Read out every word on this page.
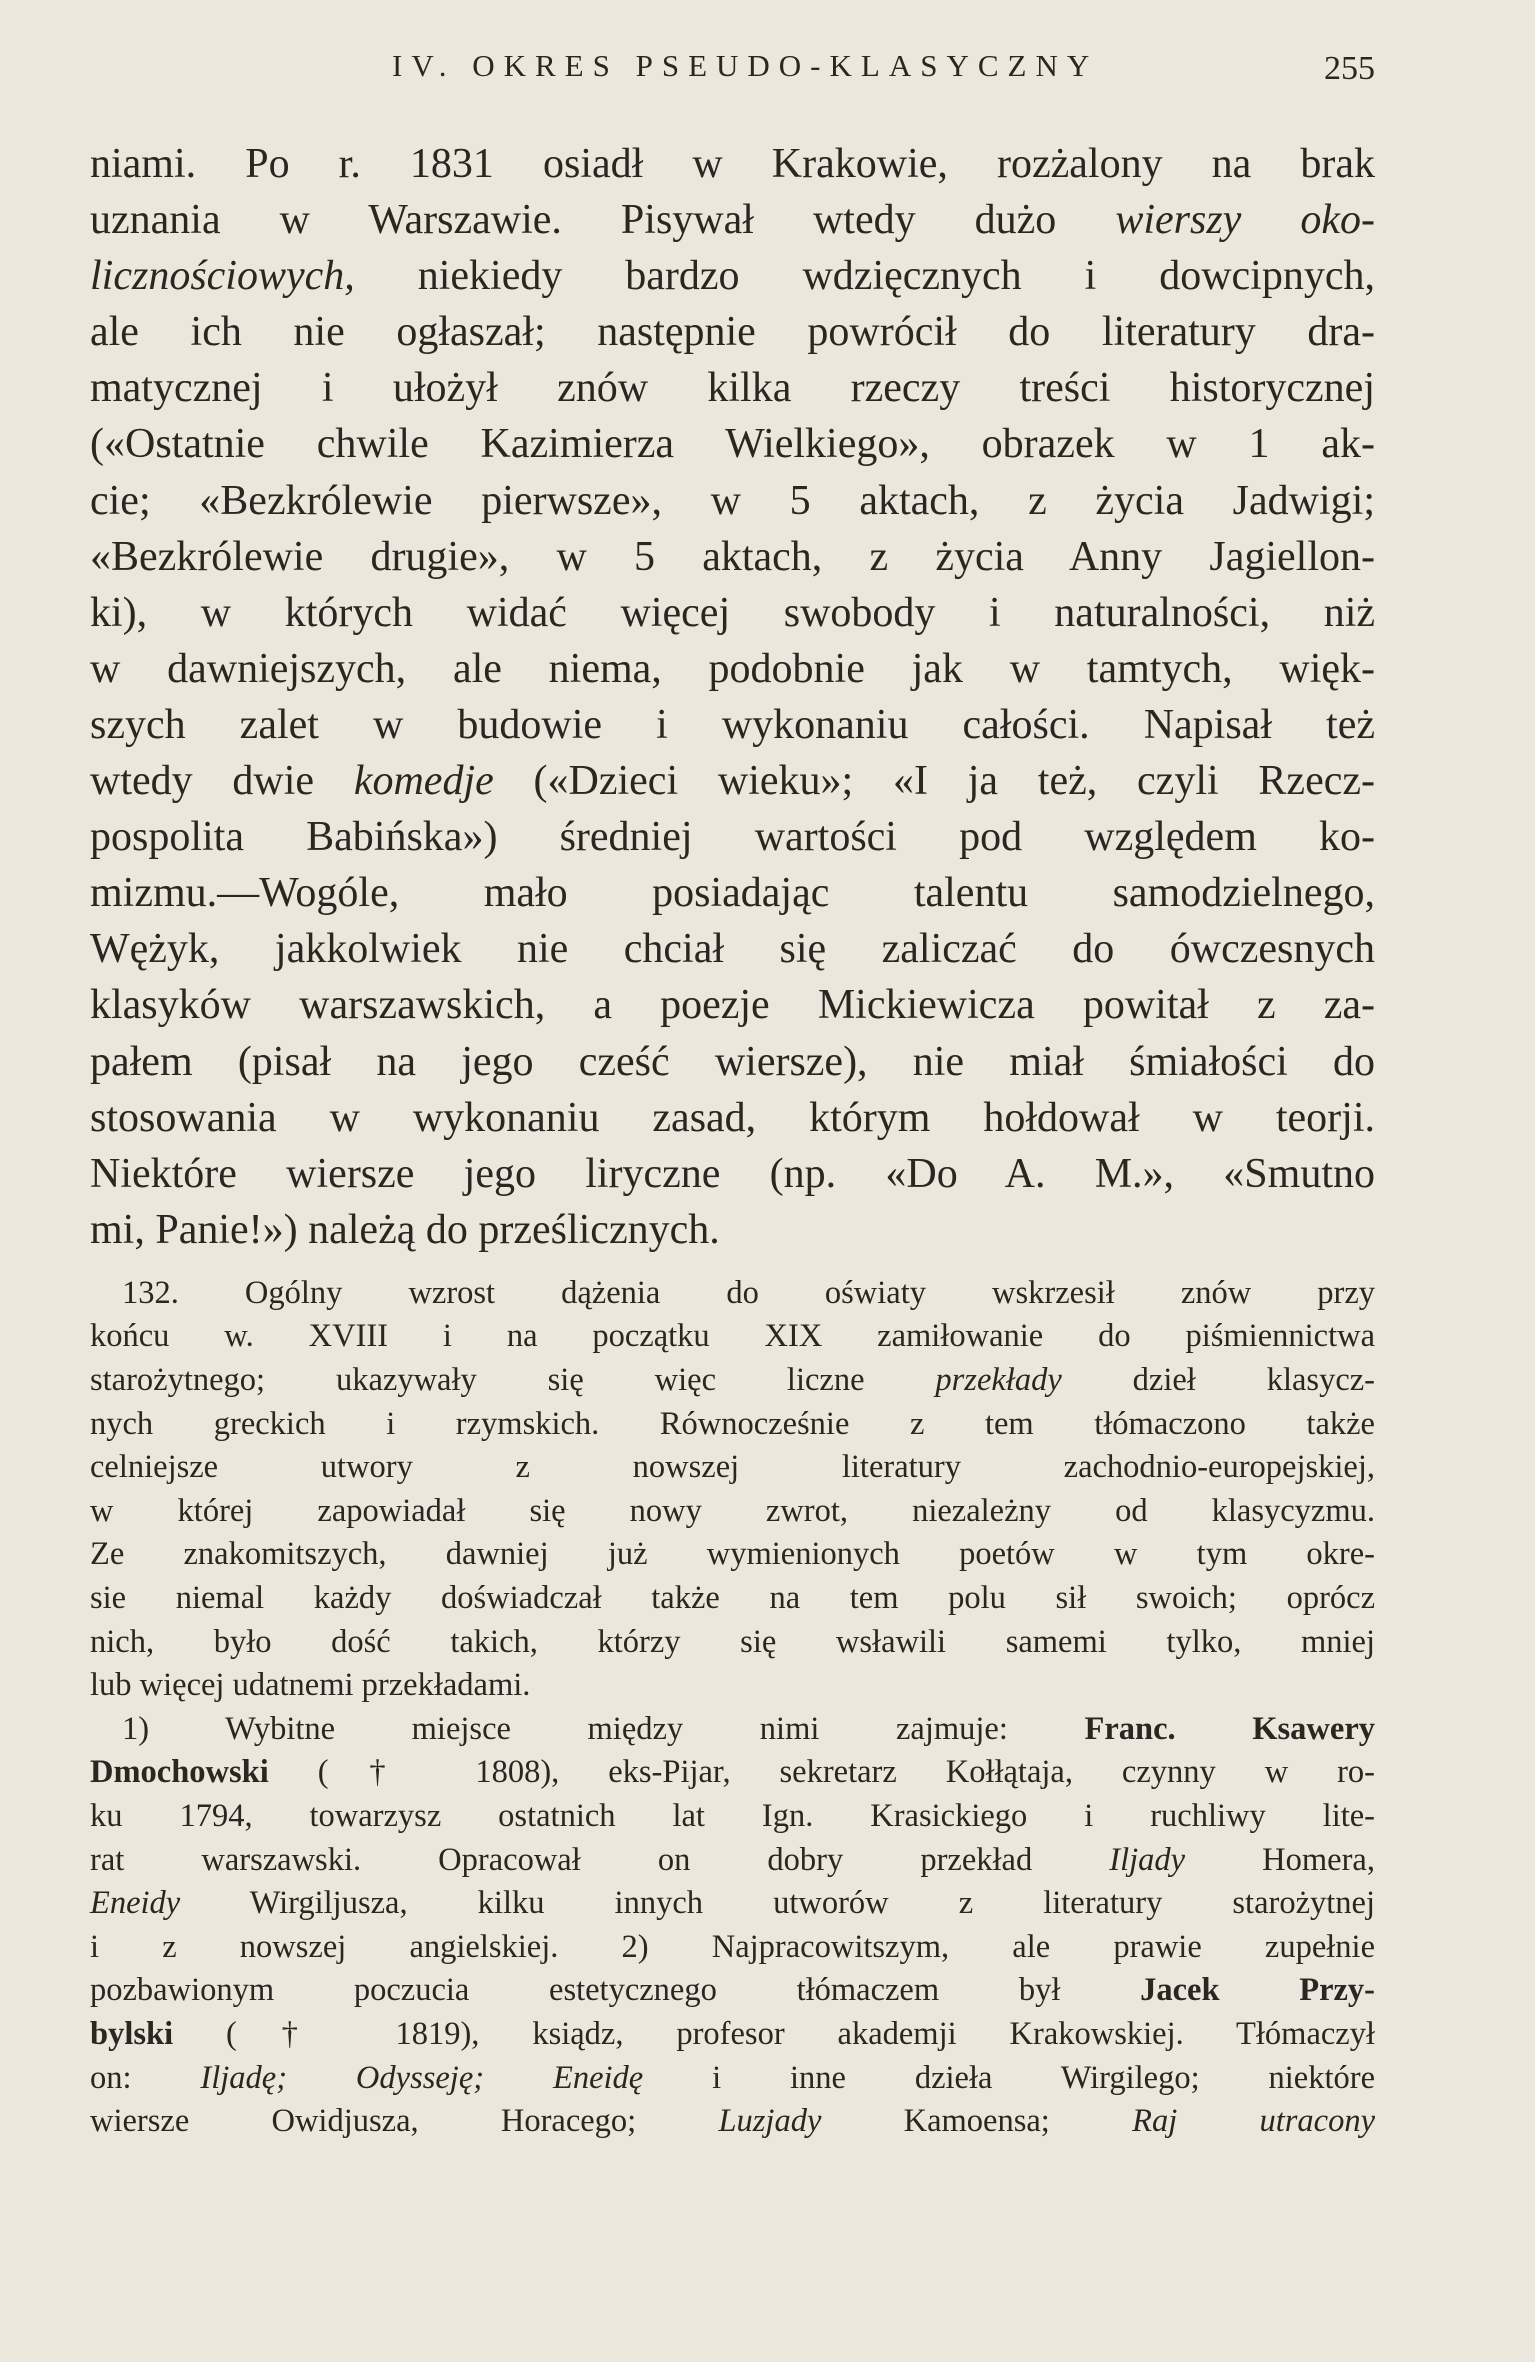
IV. OKRES PSEUDO-KLASYCZNY	255
niami. Po r. 1831 osiadł w Krakowie, rozżalony na brak
uznania w Warszawie. Pisywał wtedy dużo wierszy oko-
licznościowych, niekiedy bardzo wdzięcznych i dowcipnych,
ale ich nie ogłaszał; następnie powrócił do literatury dra-
matycznej i ułożył znów kilka rzeczy treści historycznej
(«Ostatnie chwile Kazimierza Wielkiego», obrazek w 1 ak-
cie; «Bezkrólewie pierwsze», w 5 aktach, z życia Jadwigi;
«Bezkrólewie drugie», w 5 aktach, z życia Anny Jagiellon-
ki), w których widać więcej swobody i naturalności, niż
w dawniejszych, ale niema, podobnie jak w tamtych, więk-
szych zalet w budowie i wykonaniu całości. Napisał też
wtedy dwie komedje («Dzieci wieku»; «I ja też, czyli Rzecz-
pospolita Babińska») średniej wartości pod względem ko-
mizmu.—Wogóle, mało posiadając talentu samodzielnego,
Wężyk, jakkolwiek nie chciał się zaliczać do ówczesnych
klasyków warszawskich, a poezje Mickiewicza powitał z za-
pałem (pisał na jego cześć wiersze), nie miał śmiałości do
stosowania w wykonaniu zasad, którym hołdował w teorji.
Niektóre wiersze jego liryczne (np. «Do A. M.», «Smutno
mi, Panie!») należą do prześlicznych.
132. Ogólny wzrost dążenia do oświaty wskrzesił znów przy
końcu w. XVIII i na początku XIX zamiłowanie do piśmiennictwa
starożytnego; ukazywały się więc liczne przekłady dzieł klasycz-
nych greckich i rzymskich. Równocześnie z tem tłómaczono także
celniejsze utwory z nowszej literatury zachodnio-europejskiej,
w której zapowiadał się nowy zwrot, niezależny od klasycyzmu.
Ze znakomitszych, dawniej już wymienionych poetów w tym okre-
sie niemal każdy doświadczał także na tem polu sił swoich; oprócz
nich, było dość takich, którzy się wsławili samemi tylko, mniej
lub więcej udatnemi przekładami.
1) Wybitne miejsce między nimi zajmuje: Franc. Ksawery
Dmochowski († 1808), eks-Pijar, sekretarz Kołłątaja, czynny w ro-
ku 1794, towarzysz ostatnich lat Ign. Krasickiego i ruchliwy lite-
rat warszawski. Opracował on dobry przekład Iljady Homera,
Eneidy Wirgiljusza, kilku innych utworów z literatury starożytnej
i z nowszej angielskiej. 2) Najpracowitszym, ale prawie zupełnie
pozbawionym poczucia estetycznego tłómaczem był Jacek Przy-
bylski († 1819), ksiądz, profesor akademji Krakowskiej. Tłómaczył
on: Iljadę; Odysseję; Eneidę i inne dzieła Wirgilego; niektóre
wiersze Owidjusza, Horacego; Luzjady Kamoensa; Raj utracony
